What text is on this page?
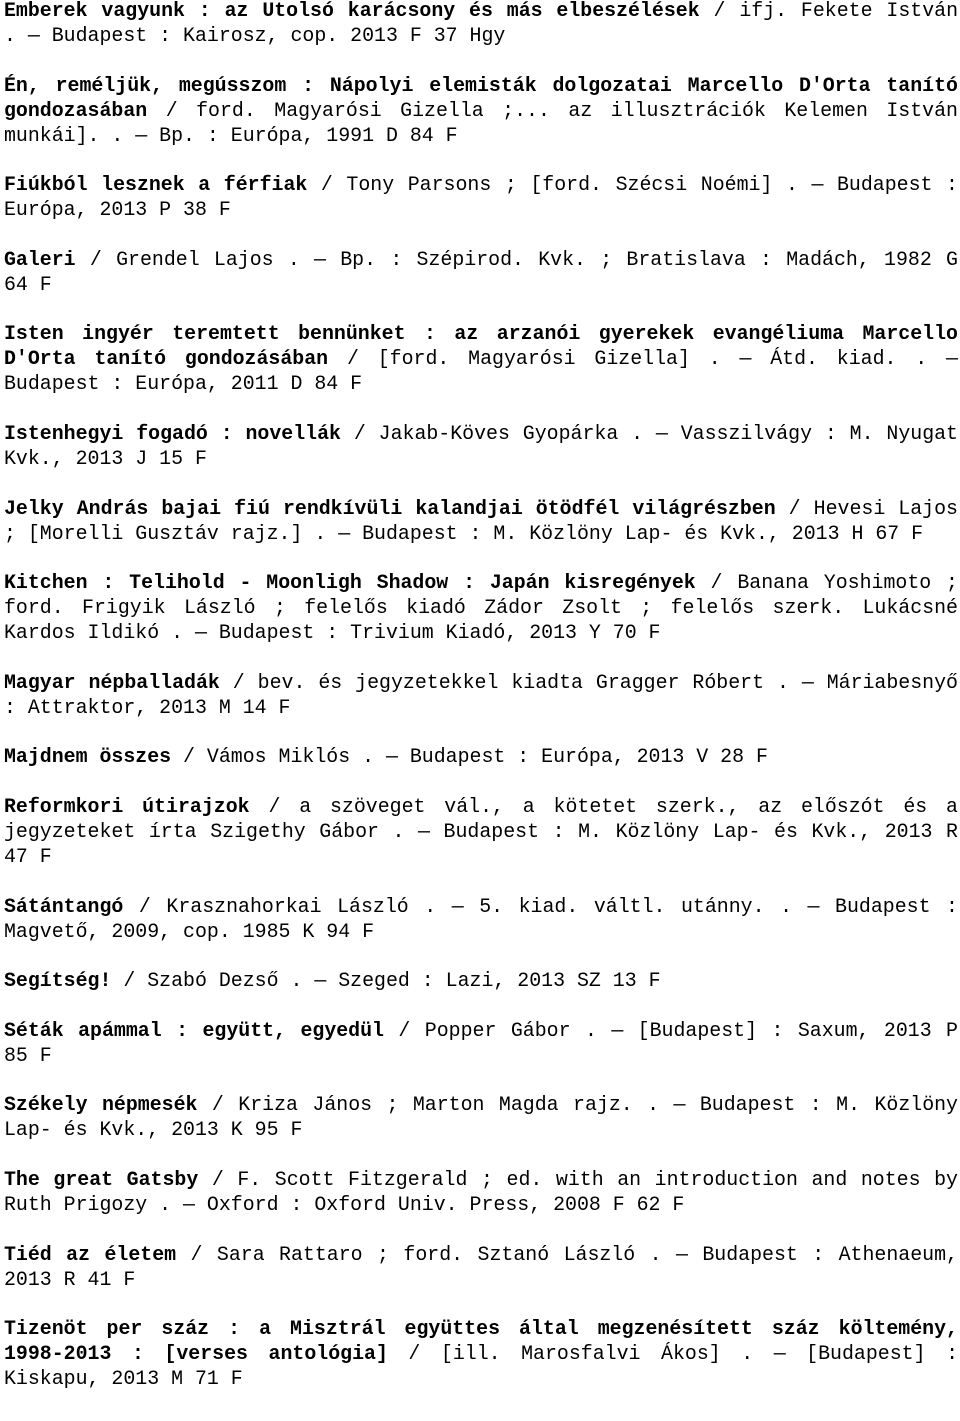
Emberek vagyunk : az Utolsó karácsony és más elbeszélések / ifj. Fekete István . — Budapest : Kairosz, cop. 2013 F 37 Hgy

Én, reméljük, megússzom : Nápolyi elemisták dolgozatai Marcello D'Orta tanító gondozasában / ford. Magyarósi Gizella ;... az illusztrációk Kelemen István munkái]. . — Bp. : Európa, 1991 D 84 F

Fiúkból lesznek a férfiak / Tony Parsons ; [ford. Szécsi Noémi] . — Budapest : Európa, 2013 P 38 F

Galeri / Grendel Lajos . — Bp. : Szépirod. Kvk. ; Bratislava : Madách, 1982 G 64 F

Isten ingyér teremtett bennünket : az arzanói gyerekek evangéliuma Marcello D'Orta tanító gondozásában / [ford. Magyarósi Gizella] . — Átd. kiad. . — Budapest : Európa, 2011 D 84 F

Istenhegyi fogadó : novellák / Jakab-Köves Gyopárka . — Vasszilvágy : M. Nyugat Kvk., 2013 J 15 F

Jelky András bajai fiú rendkívüli kalandjai ötödfél világrészben / Hevesi Lajos ; [Morelli Gusztáv rajz.] . — Budapest : M. Közlöny Lap- és Kvk., 2013 H 67 F

Kitchen : Telihold - Moonligh Shadow : Japán kisregények / Banana Yoshimoto ; ford. Frigyik László ; felelős kiadó Zádor Zsolt ; felelős szerk. Lukácsné Kardos Ildikó . — Budapest : Trivium Kiadó, 2013 Y 70 F

Magyar népballadák / bev. és jegyzetekkel kiadta Gragger Róbert . — Máriabesnyő : Attraktor, 2013 M 14 F

Majdnem összes / Vámos Miklós . — Budapest : Európa, 2013 V 28 F

Reformkori útirajzok / a szöveget vál., a kötetet szerk., az előszót és a jegyzeteket írta Szigethy Gábor . — Budapest : M. Közlöny Lap- és Kvk., 2013 R 47 F

Sátántangó / Krasznahorkai László . — 5. kiad. váltl. utánny. . — Budapest : Magvető, 2009, cop. 1985 K 94 F

Segítség! / Szabó Dezső . — Szeged : Lazi, 2013 SZ 13 F

Séták apámmal : együtt, egyedül / Popper Gábor . — [Budapest] : Saxum, 2013 P 85 F

Székely népmesék / Kriza János ; Marton Magda rajz. . — Budapest : M. Közlöny Lap- és Kvk., 2013 K 95 F

The great Gatsby / F. Scott Fitzgerald ; ed. with an introduction and notes by Ruth Prigozy . — Oxford : Oxford Univ. Press, 2008 F 62 F

Tiéd az életem / Sara Rattaro ; ford. Sztanó László . — Budapest : Athenaeum, 2013 R 41 F

Tizenöt per száz : a Misztrál együttes által megzenésített száz költemény, 1998-2013 : [verses antológia] / [ill. Marosfalvi Ákos] . — [Budapest] : Kiskapu, 2013 M 71 F
